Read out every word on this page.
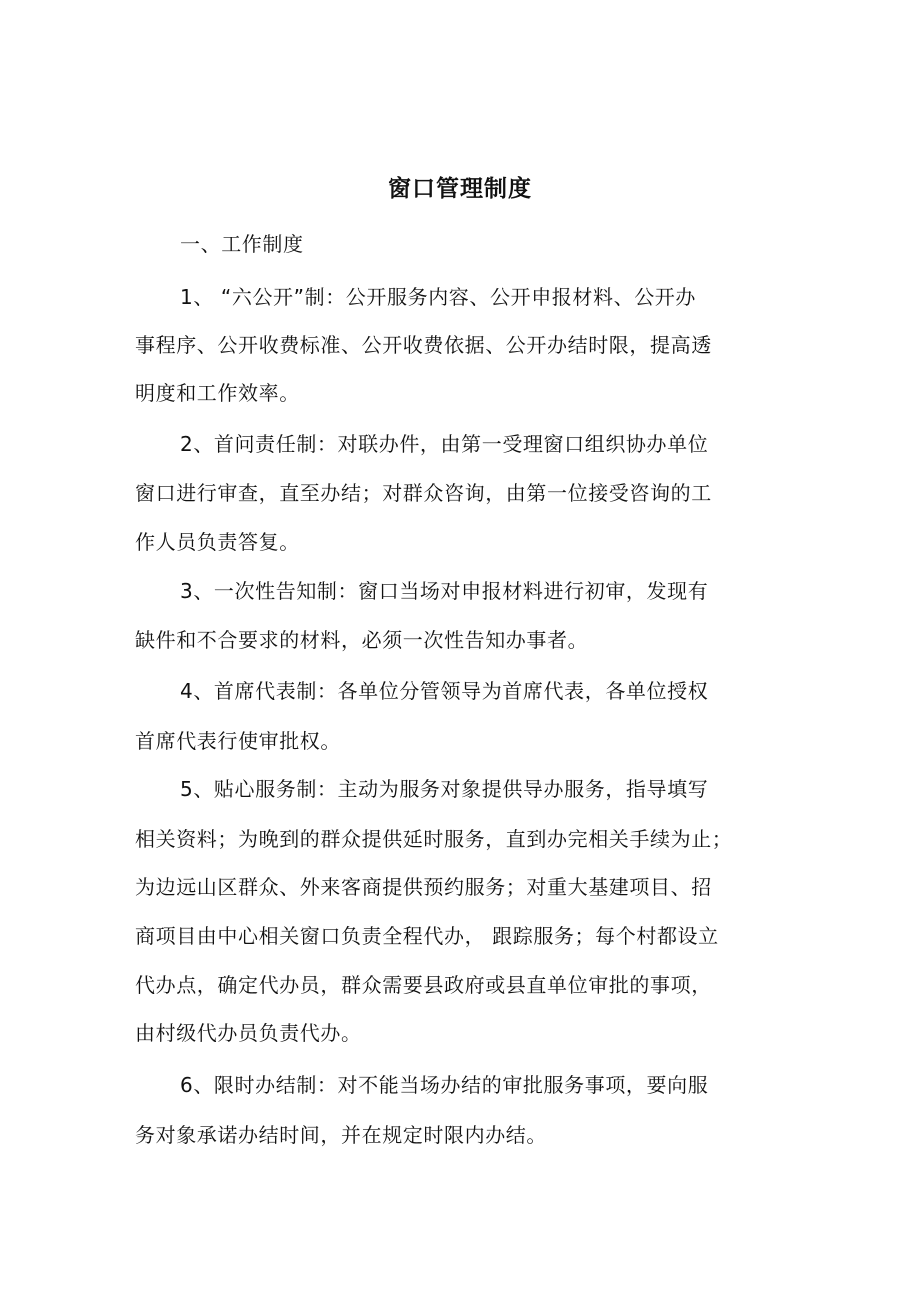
窗口管理制度
一、工作制度
1、 “六公开”制：公开服务内容、公开申报材料、公开办
事程序、公开收费标准、公开收费依据、公开办结时限，提高透
明度和工作效率。
2、首问责任制：对联办件，由第一受理窗口组织协办单位
窗口进行审查，直至办结；对群众咨询，由第一位接受咨询的工
作人员负责答复。
3、一次性告知制：窗口当场对申报材料进行初审，发现有
缺件和不合要求的材料，必须一次性告知办事者。
4、首席代表制：各单位分管领导为首席代表，各单位授权
首席代表行使审批权。
5、贴心服务制：主动为服务对象提供导办服务，指导填写
相关资料；为晚到的群众提供延时服务，直到办完相关手续为止；
为边远山区群众、外来客商提供预约服务；对重大基建项目、招
商项目由中心相关窗口负责全程代办， 跟踪服务；每个村都设立
代办点，确定代办员，群众需要县政府或县直单位审批的事项，
由村级代办员负责代办。
6、限时办结制：对不能当场办结的审批服务事项，要向服
务对象承诺办结时间，并在规定时限内办结。
